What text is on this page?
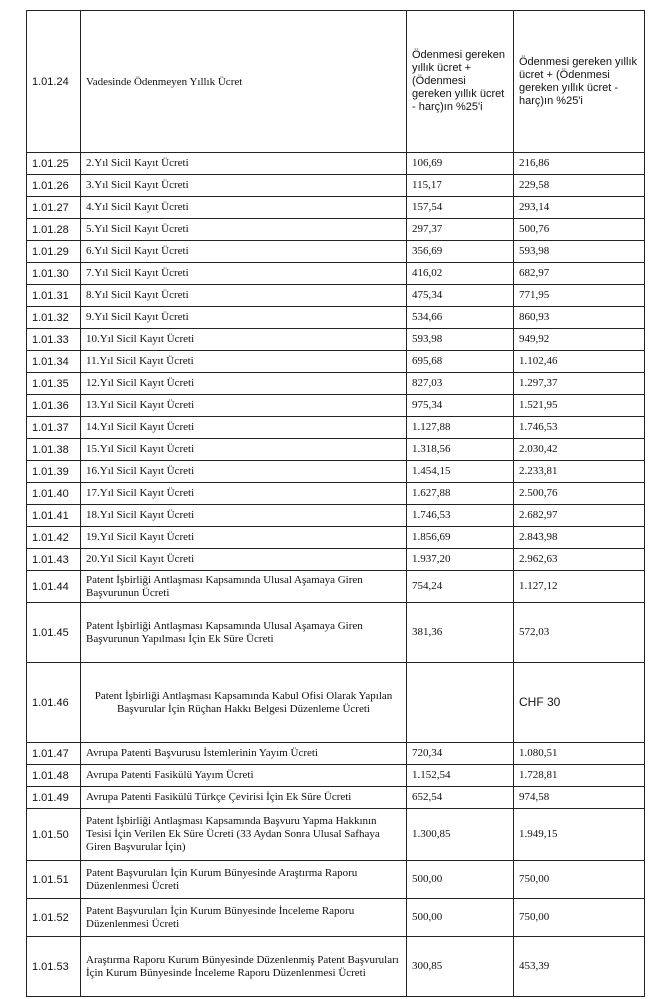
1.01.24	Vadesinde Ödenmeyen Yıllık Ücret	Ödenmesi gereken yıllık ücret + (Ödenmesi gereken yıllık ücret - harç)ın %25'i	Ödenmesi gereken yıllık ücret + (Ödenmesi gereken yıllık ücret - harç)ın %25'i
1.01.25	2.Yıl Sicil Kayıt Ücreti	106,69	216,86
1.01.26	3.Yıl Sicil Kayıt Ücreti	115,17	229,58
1.01.27	4.Yıl Sicil Kayıt Ücreti	157,54	293,14
1.01.28	5.Yıl Sicil Kayıt Ücreti	297,37	500,76
1.01.29	6.Yıl Sicil Kayıt Ücreti	356,69	593,98
1.01.30	7.Yıl Sicil Kayıt Ücreti	416,02	682,97
1.01.31	8.Yıl Sicil Kayıt Ücreti	475,34	771,95
1.01.32	9.Yıl Sicil Kayıt Ücreti	534,66	860,93
1.01.33	10.Yıl Sicil Kayıt Ücreti	593,98	949,92
1.01.34	11.Yıl Sicil Kayıt Ücreti	695,68	1.102,46
1.01.35	12.Yıl Sicil Kayıt Ücreti	827,03	1.297,37
1.01.36	13.Yıl Sicil Kayıt Ücreti	975,34	1.521,95
1.01.37	14.Yıl Sicil Kayıt Ücreti	1.127,88	1.746,53
1.01.38	15.Yıl Sicil Kayıt Ücreti	1.318,56	2.030,42
1.01.39	16.Yıl Sicil Kayıt Ücreti	1.454,15	2.233,81
1.01.40	17.Yıl Sicil Kayıt Ücreti	1.627,88	2.500,76
1.01.41	18.Yıl Sicil Kayıt Ücreti	1.746,53	2.682,97
1.01.42	19.Yıl Sicil Kayıt Ücreti	1.856,69	2.843,98
1.01.43	20.Yıl Sicil Kayıt Ücreti	1.937,20	2.962,63
1.01.44	Patent İşbirliği Antlaşması Kapsamında Ulusal Aşamaya Giren Başvurunun Ücreti	754,24	1.127,12
1.01.45	Patent İşbirliği Antlaşması Kapsamında Ulusal Aşamaya Giren Başvurunun Yapılması İçin Ek Süre Ücreti	381,36	572,03
1.01.46	Patent İşbirliği Antlaşması Kapsamında Kabul Ofisi Olarak Yapılan Başvurular İçin Rüçhan Hakkı Belgesi Düzenleme Ücreti		CHF 30
1.01.47	Avrupa Patenti Başvurusu İstemlerinin Yayım Ücreti	720,34	1.080,51
1.01.48	Avrupa Patenti Fasikülü Yayım Ücreti	1.152,54	1.728,81
1.01.49	Avrupa Patenti Fasikülü Türkçe Çevirisi İçin Ek Süre Ücreti	652,54	974,58
1.01.50	Patent İşbirliği Antlaşması Kapsamında Başvuru Yapma Hakkının Tesisi İçin Verilen Ek Süre Ücreti (33 Aydan Sonra Ulusal Safhaya Giren Başvurular İçin)	1.300,85	1.949,15
1.01.51	Patent Başvuruları İçin Kurum Bünyesinde Araştırma Raporu Düzenlenmesi Ücreti	500,00	750,00
1.01.52	Patent Başvuruları İçin Kurum Bünyesinde İnceleme Raporu Düzenlenmesi Ücreti	500,00	750,00
1.01.53	Araştırma Raporu Kurum Bünyesinde Düzenlenmiş Patent Başvuruları İçin Kurum Bünyesinde İnceleme Raporu Düzenlenmesi Ücreti	300,85	453,39
